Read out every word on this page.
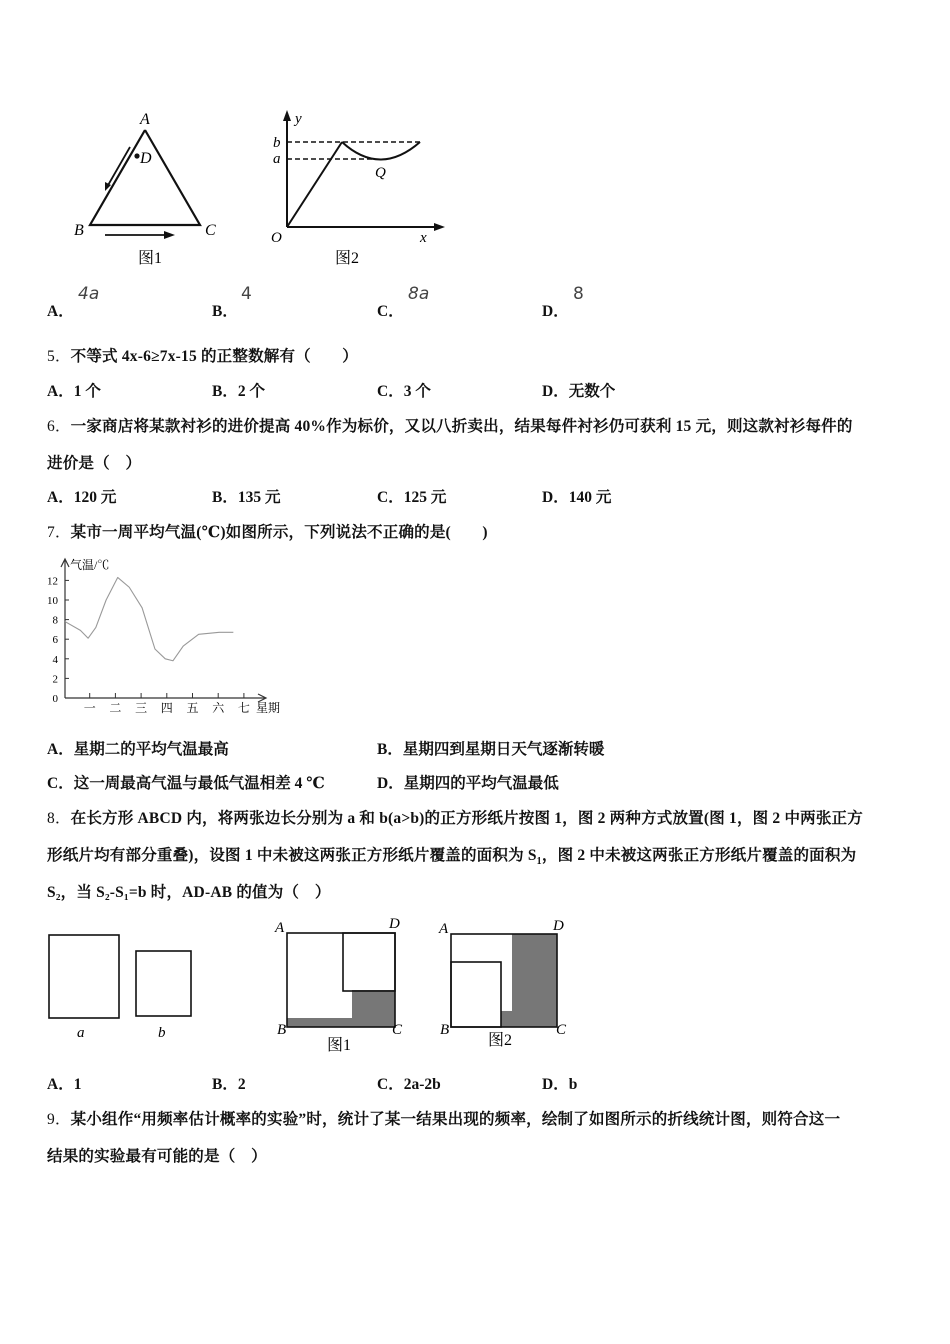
A
D
B	C
图1
y
b
a
Q
O	x
图2
A．
4a
B．
4
C．
8a
D．
8
5．不等式 4x-6≥7x-15 的正整数解有（　　）
A．1 个	B．2 个	C．3 个	D．无数个
6．一家商店将某款衬衫的进价提高 40%作为标价，又以八折卖出，结果每件衬衫仍可获利 15 元，则这款衬衫每件的
进价是（　）
A．120 元	B．135 元	C．125 元	D．140 元
7．某市一周平均气温(℃)如图所示，下列说法不正确的是(　　)
0
2
4
6
8
10
12
一 二 三 四 五 六 七
气温/℃
星期
A．星期二的平均气温最高	B．星期四到星期日天气逐渐转暖
C．这一周最高气温与最低气温相差 4 ℃	D．星期四的平均气温最低
8．在长方形 ABCD 内，将两张边长分别为 a 和 b(a>b)的正方形纸片按图 1，图 2 两种方式放置(图 1，图 2 中两张正方
形纸片均有部分重叠)，设图 1 中未被这两张正方形纸片覆盖的面积为 $S_1$，图 2 中未被这两张正方形纸片覆盖的面积为
S₂，当 S₂-S₁=b 时，AD-AB 的值为（　）
a	b
A	D
B	C
图1
A	D
B	C
图2
A．1	B．2	C．2a-2b	D．b
9．某小组作“用频率估计概率的实验”时，统计了某一结果出现的频率，绘制了如图所示的折线统计图，则符合这一
结果的实验最有可能的是（　）
